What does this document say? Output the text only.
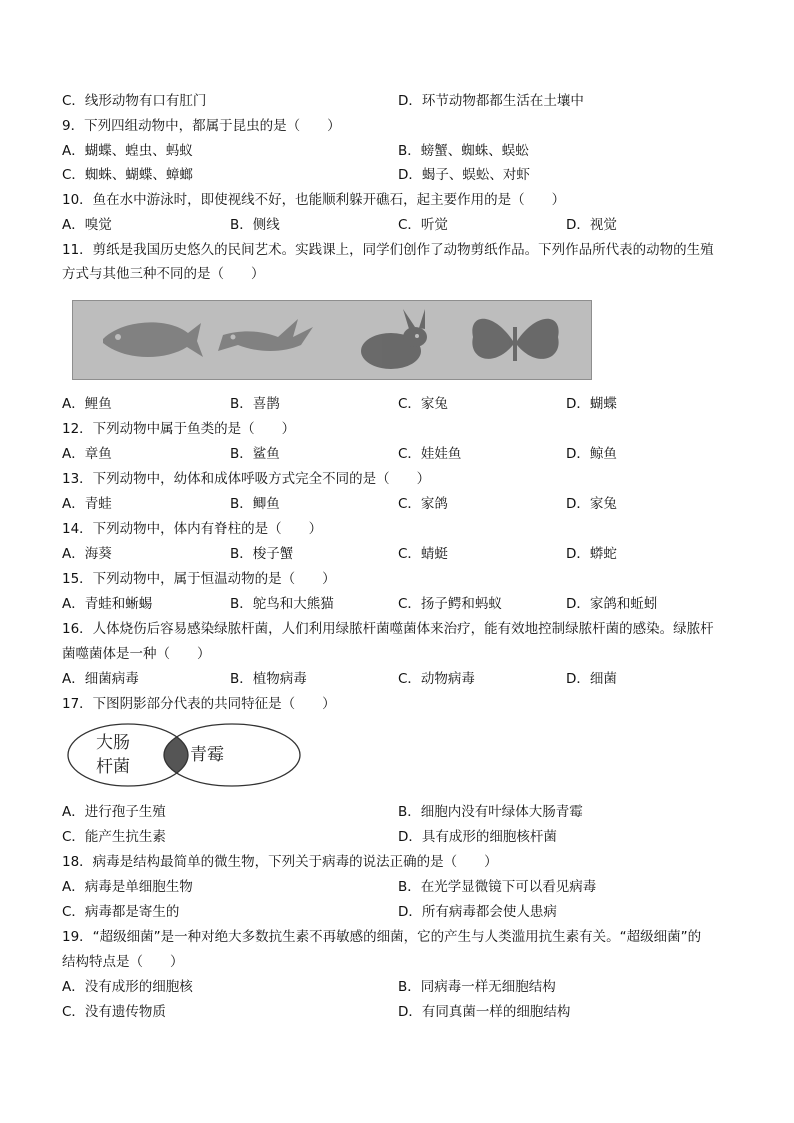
C．线形动物有口有肛门	D．环节动物都都生活在土壤中
9．下列四组动物中，都属于昆虫的是（　　）
A．蝴蝶、蝗虫、蚂蚁	B．螃蟹、蜘蛛、蜈蚣
C．蜘蛛、蝴蝶、蟑螂	D．蝎子、蜈蚣、对虾
10．鱼在水中游泳时，即使视线不好，也能顺利躲开礁石，起主要作用的是（　　）
A．嗅觉	B．侧线	C．听觉	D．视觉
11．剪纸是我国历史悠久的民间艺术。实践课上，同学们创作了动物剪纸作品。下列作品所代表的动物的生殖
方式与其他三种不同的是（　　）
A．鲤鱼	B．喜鹊	C．家兔	D．蝴蝶
12．下列动物中属于鱼类的是（　　）
A．章鱼	B．鲨鱼	C．娃娃鱼	D．鲸鱼
13．下列动物中，幼体和成体呼吸方式完全不同的是（　　）
A．青蛙	B．鲫鱼	C．家鸽	D．家兔
14．下列动物中，体内有脊柱的是（　　）
A．海葵	B．梭子蟹	C．蜻蜓	D．蟒蛇
15．下列动物中，属于恒温动物的是（　　）
A．青蛙和蜥蜴	B．鸵鸟和大熊猫	C．扬子鳄和蚂蚁	D．家鸽和蚯蚓
16．人体烧伤后容易感染绿脓杆菌，人们利用绿脓杆菌噬菌体来治疗，能有效地控制绿脓杆菌的感染。绿脓杆
菌噬菌体是一种（　　）
A．细菌病毒	B．植物病毒	C．动物病毒	D．细菌
17．下图阴影部分代表的共同特征是（　　）
大肠
杆菌
青霉
A．进行孢子生殖	B．细胞内没有叶绿体大肠青霉
C．能产生抗生素	D．具有成形的细胞核杆菌
18．病毒是结构最简单的微生物，下列关于病毒的说法正确的是（　　）
A．病毒是单细胞生物	B．在光学显微镜下可以看见病毒
C．病毒都是寄生的	D．所有病毒都会使人患病
19．“超级细菌”是一种对绝大多数抗生素不再敏感的细菌，它的产生与人类滥用抗生素有关。“超级细菌”的
结构特点是（　　）
A．没有成形的细胞核	B．同病毒一样无细胞结构
C．没有遗传物质	D．有同真菌一样的细胞结构
